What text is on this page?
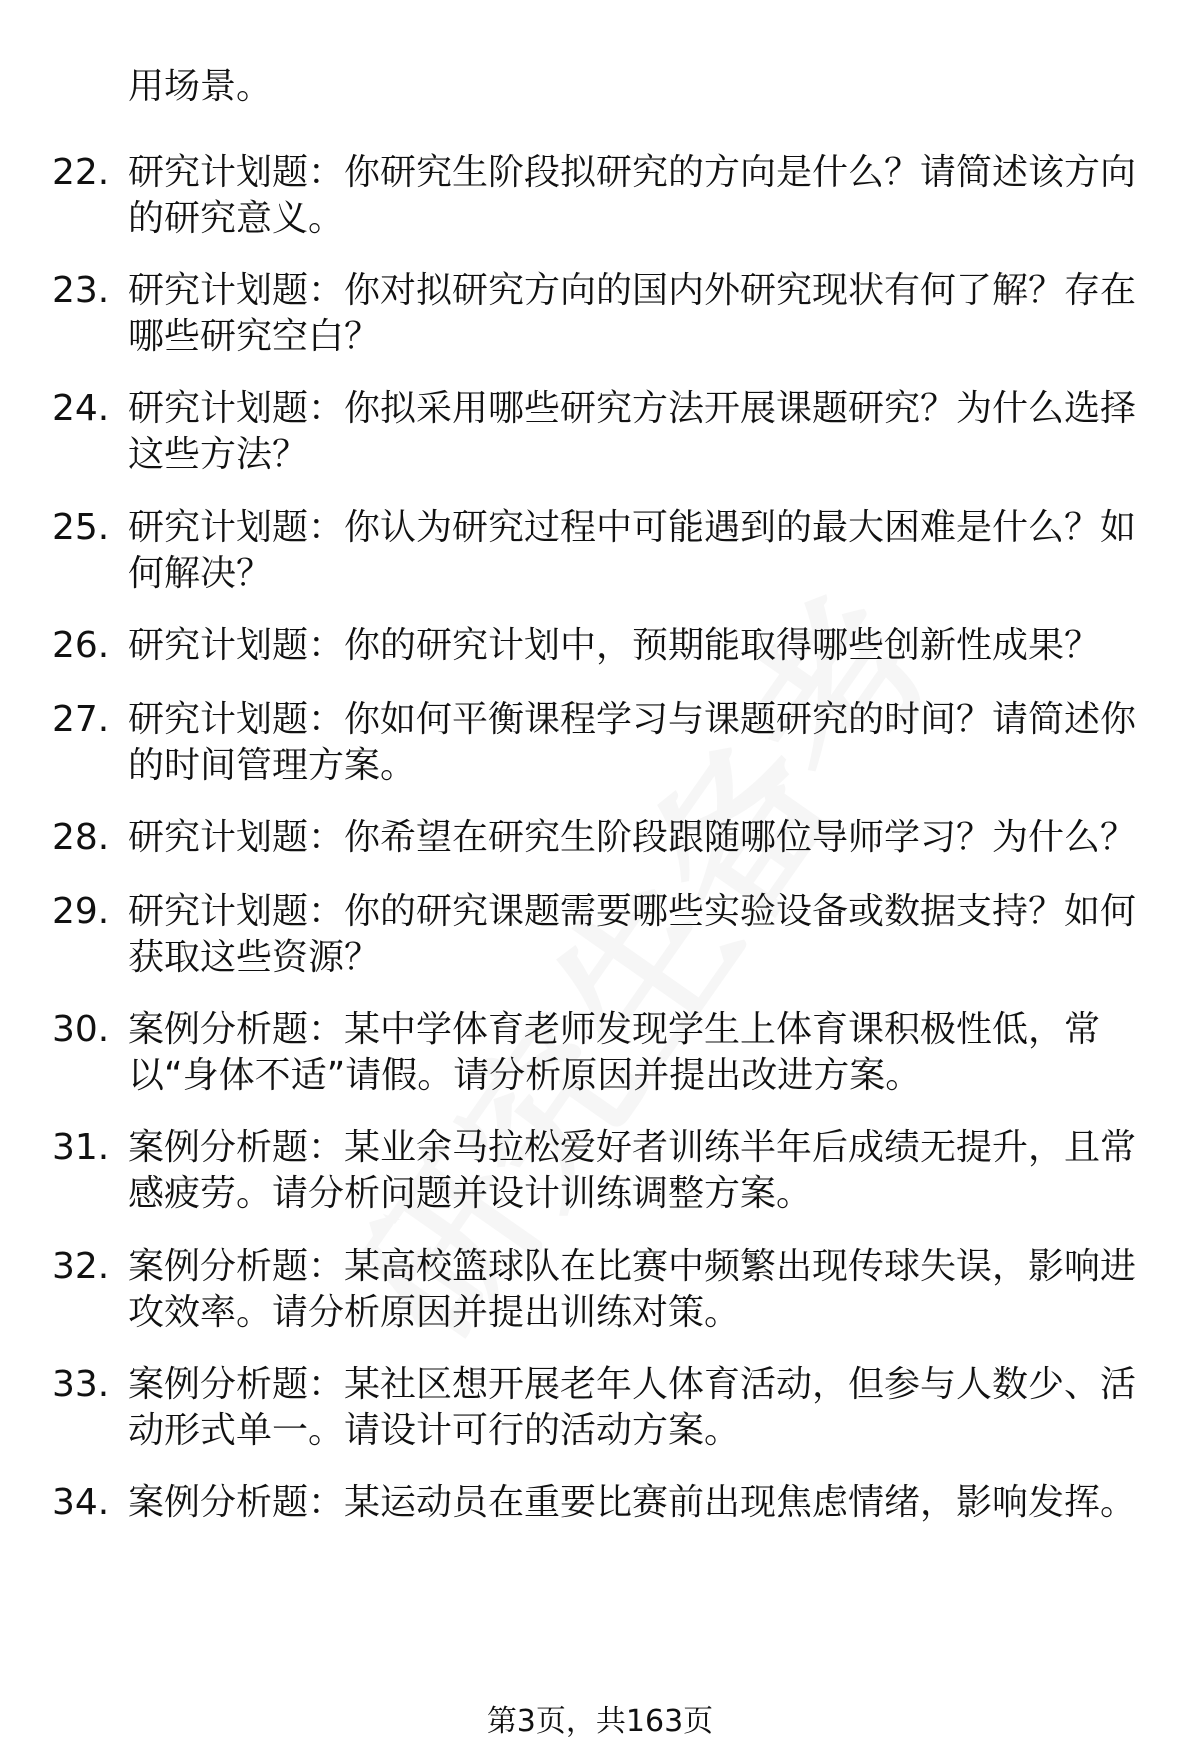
用场景。
22. 研究计划题：你研究生阶段拟研究的方向是什么？请简述该方向
的研究意义。
23. 研究计划题：你对拟研究方向的国内外研究现状有何了解？存在
哪些研究空白？
24. 研究计划题：你拟采用哪些研究方法开展课题研究？为什么选择
这些方法？
25. 研究计划题：你认为研究过程中可能遇到的最大困难是什么？如
何解决？
26. 研究计划题：你的研究计划中，预期能取得哪些创新性成果？
27. 研究计划题：你如何平衡课程学习与课题研究的时间？请简述你
的时间管理方案。
28. 研究计划题：你希望在研究生阶段跟随哪位导师学习？为什么？
29. 研究计划题：你的研究课题需要哪些实验设备或数据支持？如何
获取这些资源？
30. 案例分析题：某中学体育老师发现学生上体育课积极性低，常
以“身体不适”请假。请分析原因并提出改进方案。
31. 案例分析题：某业余马拉松爱好者训练半年后成绩无提升，且常
感疲劳。请分析问题并设计训练调整方案。
32. 案例分析题：某高校篮球队在比赛中频繁出现传球失误，影响进
攻效率。请分析原因并提出训练对策。
33. 案例分析题：某社区想开展老年人体育活动，但参与人数少、活
动形式单一。请设计可行的活动方案。
34. 案例分析题：某运动员在重要比赛前出现焦虑情绪，影响发挥。
第3页，共163页
